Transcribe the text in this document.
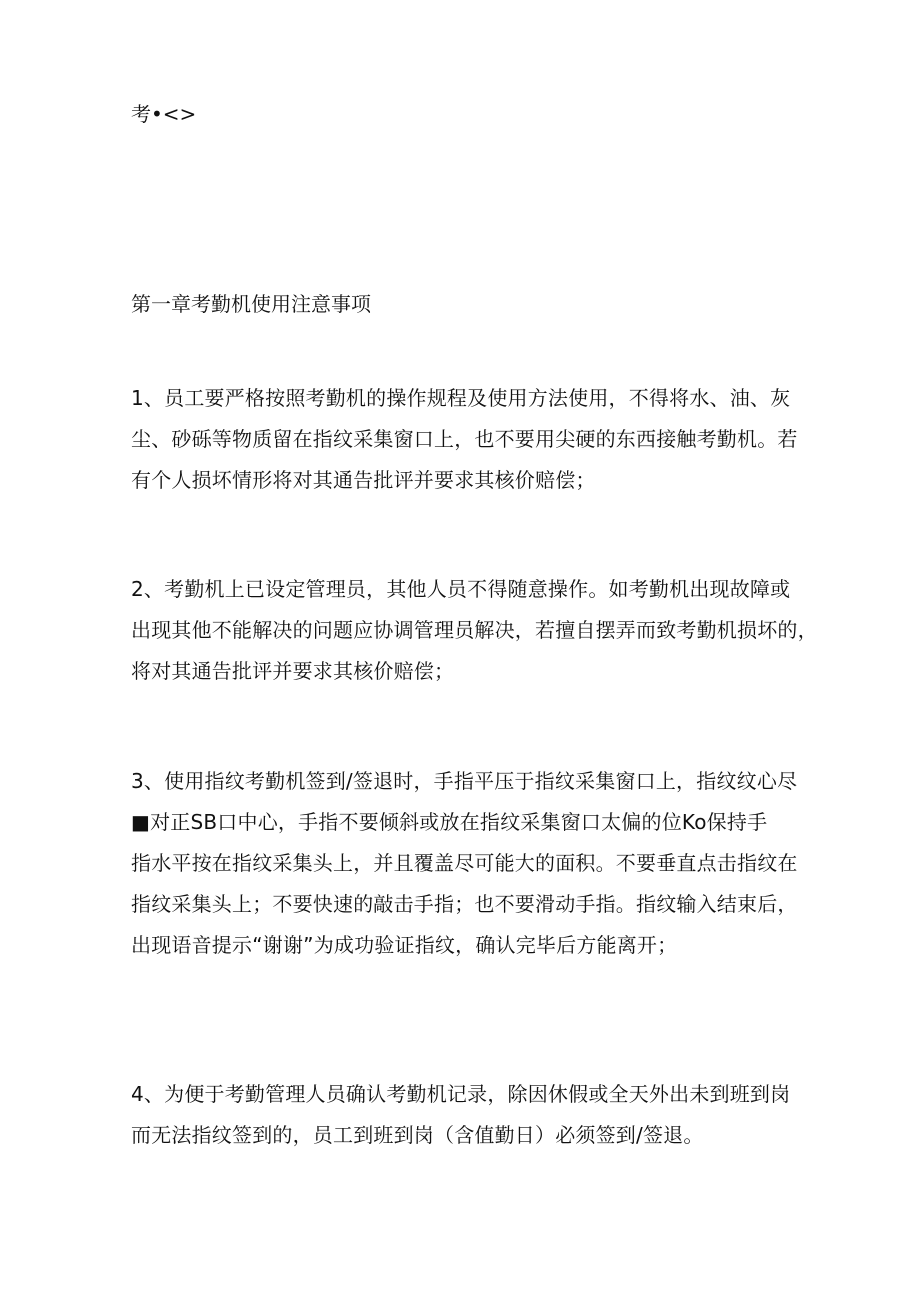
考•<>
第一章考勤机使用注意事项
1、员工要严格按照考勤机的操作规程及使用方法使用，不得将水、油、灰
尘、砂砾等物质留在指纹采集窗口上，也不要用尖硬的东西接触考勤机。若
有个人损坏情形将对其通告批评并要求其核价赔偿；
2、考勤机上已设定管理员，其他人员不得随意操作。如考勤机出现故障或
出现其他不能解决的问题应协调管理员解决，若擅自摆弄而致考勤机损坏的，
将对其通告批评并要求其核价赔偿；
3、使用指纹考勤机签到/签退时，手指平压于指纹采集窗口上，指纹纹心尽
■对正SB口中心，手指不要倾斜或放在指纹采集窗口太偏的位Ko保持手
指水平按在指纹采集头上，并且覆盖尽可能大的面积。不要垂直点击指纹在
指纹采集头上；不要快速的敲击手指；也不要滑动手指。指纹输入结束后，
出现语音提示“谢谢”为成功验证指纹，确认完毕后方能离开；
4、为便于考勤管理人员确认考勤机记录，除因休假或全天外出未到班到岗
而无法指纹签到的，员工到班到岗（含值勤日）必须签到/签退。
